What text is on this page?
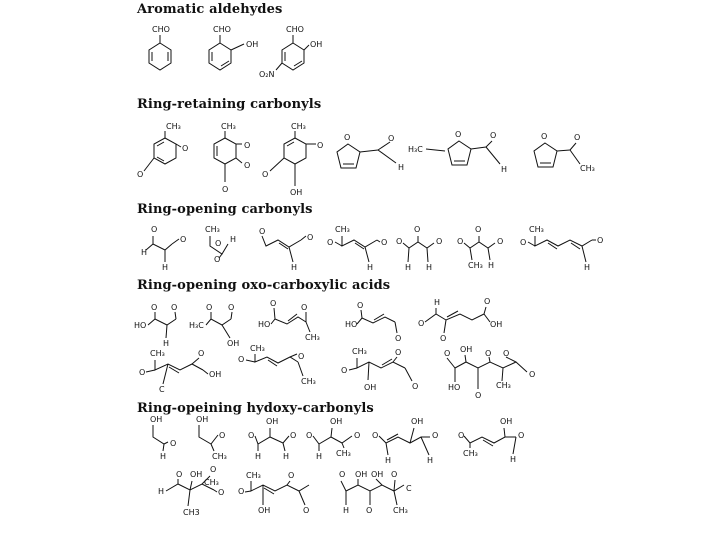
Aromatic aldehydes
Ring-retaining carbonyls
Ring-opening carbonyls
Ring-opening oxo-carboxylic acids
Ring-opeining hydoxy-carbonyls
CHO	CHO
OH
CHO
OH
O₂N
CH₃
O
O
CH₃
O
O
O
CH₃
O
O
OH
O	O
H
H₃C
O	O
H
O	O
CH₃
H
O
H
O
CH₃
O H
O
O
O
H
CH₃
O	O
H
O
O
O
H H
O
O
O
CH₃ H
CH₃
O	O
H
O O
HO
H
O O
H₃C
OH
O	O
HO
CH₃
O
HO
O
H	O
O
O
OH
CH₃	O
O
C
OH
CH₃
O	O
CH₃
CH₃	O
O
OH	O
O OH O O
HO
O
CH₃
O
OH
O
H
OH
O
CH₃
O
OH
O
H	H
O
OH
O
H CH₃
O
OH
O
H	H
O
OH
O
CH₃
H
O OH
O
H
CH₃
CH3
O
CH₃	O
O
OH	O
O OH OH O
C
H O	CH₃
